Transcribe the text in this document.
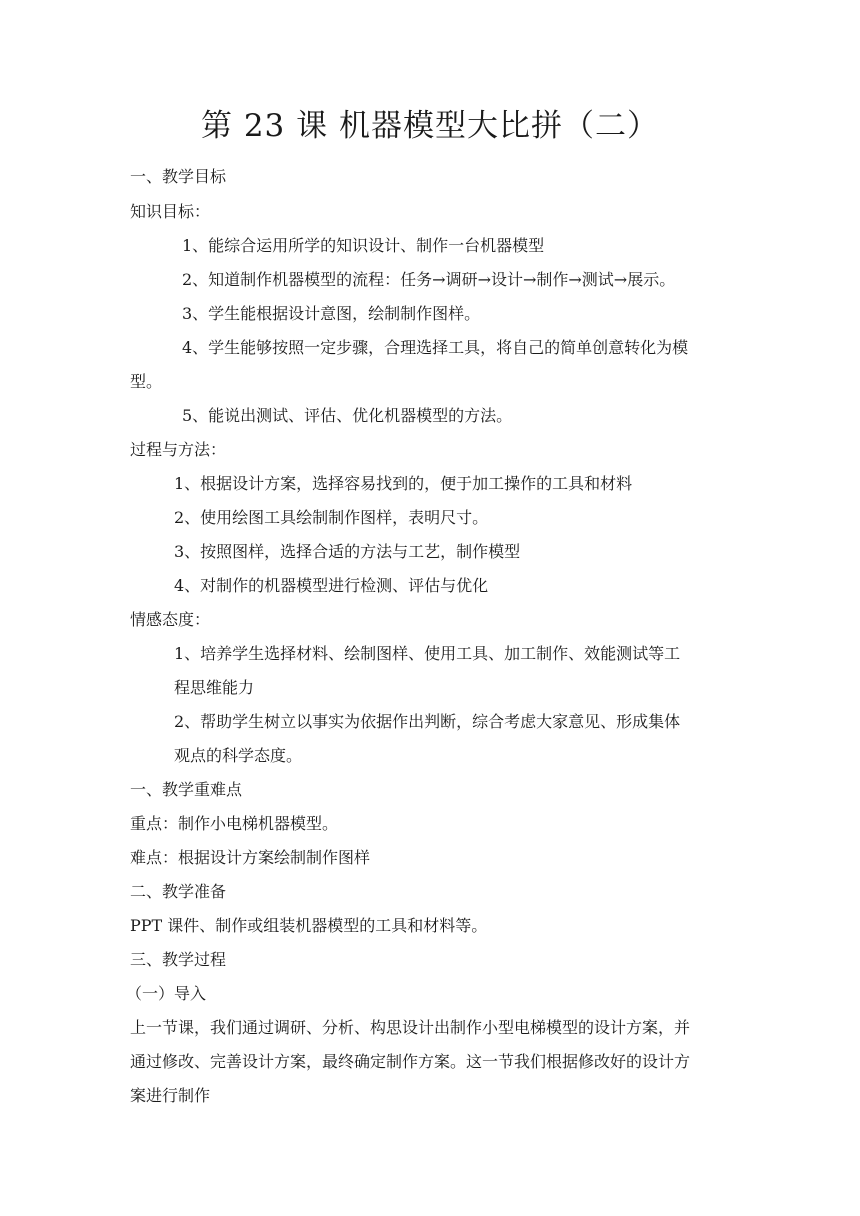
第 23 课 机器模型大比拼（二）
一、教学目标
知识目标：
1、能综合运用所学的知识设计、制作一台机器模型
2、知道制作机器模型的流程：任务→调研→设计→制作→测试→展示。
3、学生能根据设计意图，绘制制作图样。
4、学生能够按照一定步骤，合理选择工具，将自己的简单创意转化为模
型。
5、能说出测试、评估、优化机器模型的方法。
过程与方法：
1、根据设计方案，选择容易找到的，便于加工操作的工具和材料
2、使用绘图工具绘制制作图样，表明尺寸。
3、按照图样，选择合适的方法与工艺，制作模型
4、对制作的机器模型进行检测、评估与优化
情感态度：
1、培养学生选择材料、绘制图样、使用工具、加工制作、效能测试等工
程思维能力
2、帮助学生树立以事实为依据作出判断，综合考虑大家意见、形成集体
观点的科学态度。
一、教学重难点
重点：制作小电梯机器模型。
难点：根据设计方案绘制制作图样
二、教学准备
PPT 课件、制作或组装机器模型的工具和材料等。
三、教学过程
（一）导入
上一节课，我们通过调研、分析、构思设计出制作小型电梯模型的设计方案，并
通过修改、完善设计方案，最终确定制作方案。这一节我们根据修改好的设计方
案进行制作
